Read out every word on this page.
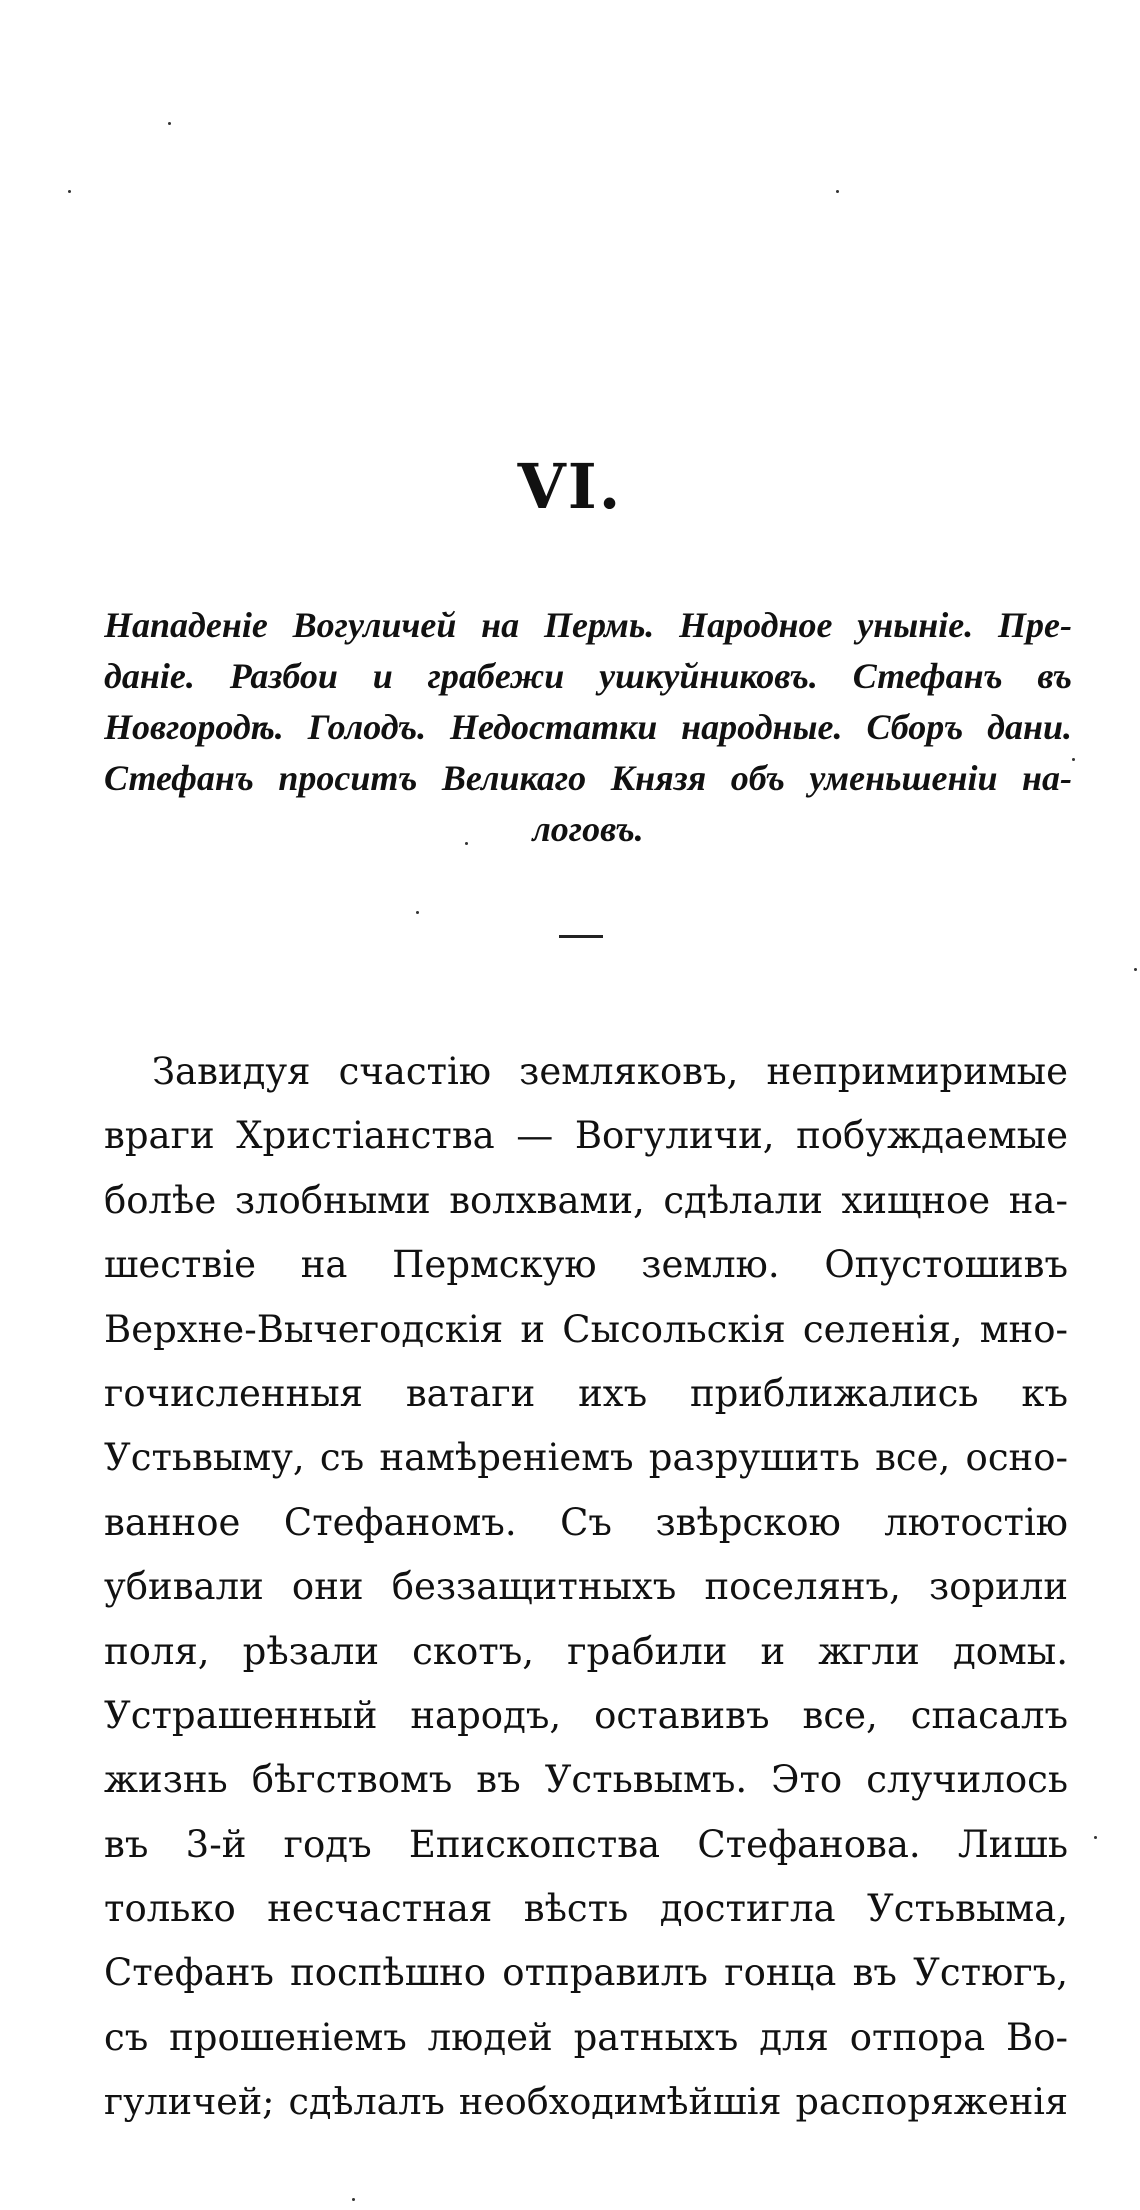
VI.
Нападеніе Вогуличей на Пермь. Народное уныніе. Пре-
даніе. Разбои и грабежи ушкуйниковъ. Стефанъ въ
Новгородѣ. Голодъ. Недостатки народные. Сборъ дани.
Стефанъ проситъ Великаго Князя объ уменьшеніи на-
логовъ.
Завидуя счастію земляковъ, непримиримые
враги Христіанства — Вогуличи, побуждаемые
болѣе злобными волхвами, сдѣлали хищное на-
шествіе на Пермскую землю. Опустошивъ
Верхне-Вычегодскія и Сысольскія селенія, мно-
гочисленныя ватаги ихъ приближались къ
Устьвыму, съ намѣреніемъ разрушить все, осно-
ванное Стефаномъ. Съ звѣрскою лютостію
убивали они беззащитныхъ поселянъ, зорили
поля, рѣзали скотъ, грабили и жгли домы.
Устрашенный народъ, оставивъ все, спасалъ
жизнь бѣгствомъ въ Устьвымъ. Это случилось
въ 3-й годъ Епископства Стефанова. Лишь
только несчастная вѣсть достигла Устьвыма,
Стефанъ поспѣшно отправилъ гонца въ Устюгъ,
съ прошеніемъ людей ратныхъ для отпора Во-
гуличей; сдѣлалъ необходимѣйшія распоряженія
